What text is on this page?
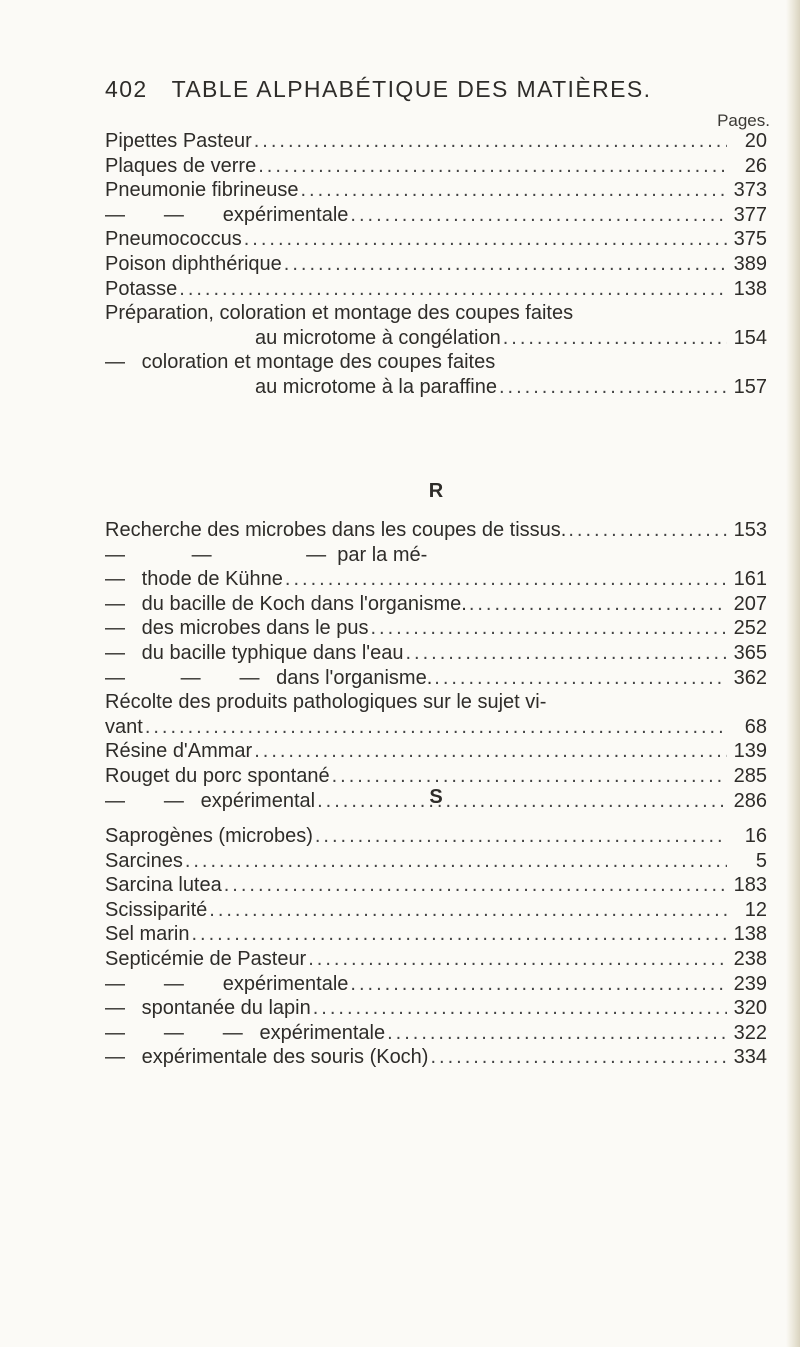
402 TABLE ALPHABÉTIQUE DES MATIÈRES.
Pages.
Pipettes Pasteur .....	20
Plaques de verre .....	26
Pneumonie fibrineuse .....	373
—       — expérimentale .....	377
Pneumococcus .....	375
Poison diphthérique .....	389
Potasse .....	138
Préparation, coloration et montage des coupes faites
au microtome à congélation .....	154
— coloration et montage des coupes faites
au microtome à la paraffine .....	157
R
Recherche des microbes dans les coupes de tissus. .....	153
—            —                 — par la mé-
— thode de Kühne .....	161
— du bacille de Koch dans l'organisme. .....	207
— des microbes dans le pus .....	252
— du bacille typhique dans l'eau .....	365
—          —       — dans l'organisme. .....	362
Récolte des produits pathologiques sur le sujet vi-
vant .....	68
Résine d'Ammar .....	139
Rouget du porc spontané .....	285
—       — expérimental .....	286
S
Saprogènes (microbes) .....	16
Sarcines .....	5
Sarcina lutea .....	183
Scissiparité .....	12
Sel marin .....	138
Septicémie de Pasteur .....	238
—       — expérimentale .....	239
— spontanée du lapin .....	320
—       —       — expérimentale .....	322
— expérimentale des souris (Koch) .....	334
